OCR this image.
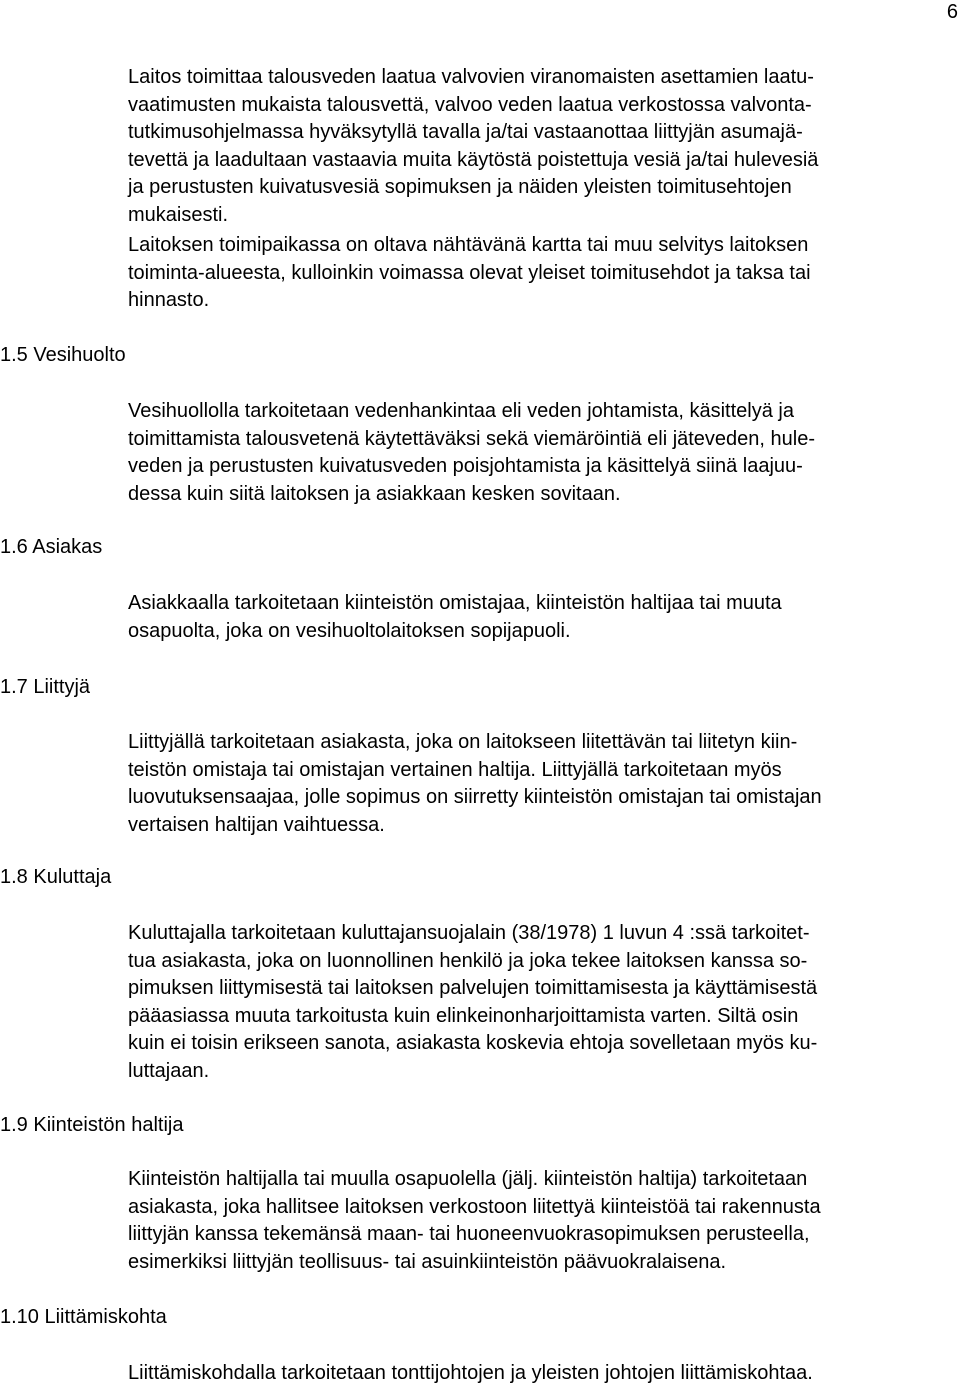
6

Laitos toimittaa talousveden laatua valvovien viranomaisten asettamien laatu-
vaatimusten mukaista talousvettä, valvoo veden laatua verkostossa valvonta-
tutkimusohjelmassa hyväksytyllä tavalla ja/tai vastaanottaa liittyjän asumajä-
tevettä ja laadultaan vastaavia muita käytöstä poistettuja vesiä ja/tai hulevesiä
ja perustusten kuivatusvesiä sopimuksen ja näiden yleisten toimitusehtojen
mukaisesti.

Laitoksen toimipaikassa on oltava nähtävänä kartta tai muu selvitys laitoksen
toiminta-alueesta, kulloinkin voimassa olevat yleiset toimitusehdot ja taksa tai
hinnasto.

1.5 Vesihuolto

Vesihuollolla tarkoitetaan vedenhankintaa eli veden johtamista, käsittelyä ja
toimittamista talousvetenä käytettäväksi sekä viemäröintiä eli jäteveden, hule-
veden ja perustusten kuivatusveden poisjohtamista ja käsittelyä siinä laajuu-
dessa kuin siitä laitoksen ja asiakkaan kesken sovitaan.

1.6 Asiakas

Asiakkaalla tarkoitetaan kiinteistön omistajaa, kiinteistön haltijaa tai muuta
osapuolta, joka on vesihuoltolaitoksen sopijapuoli.

1.7 Liittyjä

Liittyjällä tarkoitetaan asiakasta, joka on laitokseen liitettävän tai liitetyn kiin-
teistön omistaja tai omistajan vertainen haltija. Liittyjällä tarkoitetaan myös
luovutuksensaajaa, jolle sopimus on siirretty kiinteistön omistajan tai omistajan
vertaisen haltijan vaihtuessa.

1.8 Kuluttaja

Kuluttajalla tarkoitetaan kuluttajansuojalain (38/1978) 1 luvun 4 :ssä tarkoitet-
tua asiakasta, joka on luonnollinen henkilö ja joka tekee laitoksen kanssa so-
pimuksen liittymisestä tai laitoksen palvelujen toimittamisesta ja käyttämisestä
pääasiassa muuta tarkoitusta kuin elinkeinonharjoittamista varten. Siltä osin
kuin ei toisin erikseen sanota, asiakasta koskevia ehtoja sovelletaan myös ku-
luttajaan.

1.9 Kiinteistön haltija

Kiinteistön haltijalla tai muulla osapuolella (jälj. kiinteistön haltija) tarkoitetaan
asiakasta, joka hallitsee laitoksen verkostoon liitettyä kiinteistöä tai rakennusta
liittyjän kanssa tekemänsä maan- tai huoneenvuokrasopimuksen perusteella,
esimerkiksi liittyjän teollisuus- tai asuinkiinteistön päävuokralaisena.

1.10 Liittämiskohta

Liittämiskohdalla tarkoitetaan tonttijohtojen ja yleisten johtojen liittämiskohtaa.
